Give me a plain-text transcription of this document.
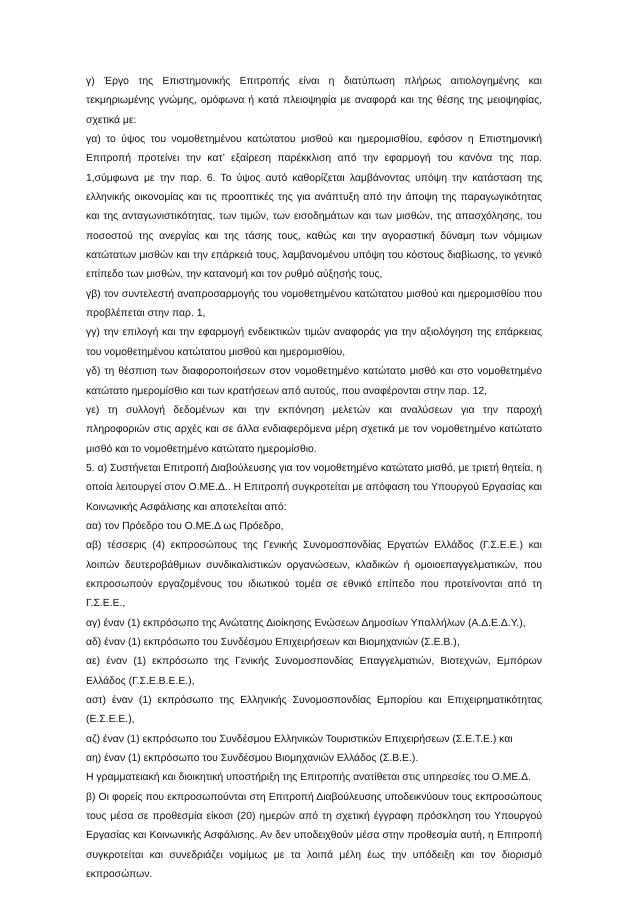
γ) Έργο της Επιστημονικής Επιτροπής είναι η διατύπωση πλήρως αιτιολογημένης και τεκμηριωμένης γνώμης, ομόφωνα ή κατά πλειοψηφία με αναφορά και της θέσης της μειοψηφίας, σχετικά με:

γα) το ύψος του νομοθετημένου κατώτατου μισθού και ημερομισθίου, εφόσον η Επιστημονική Επιτροπή προτείνει την κατ’ εξαίρεση παρέκκλιση από την εφαρμογή του κανόνα της παρ. 1,σύμφωνα με την παρ. 6. Το ύψος αυτό καθορίζεται λαμβάνοντας υπόψη την κατάσταση της ελληνικής οικονομίας και τις προοπτικές της για ανάπτυξη από την άποψη της παραγωγικότητας και της ανταγωνιστικότητας, των τιμών, των εισοδημάτων και των μισθών, της απασχόλησης, του ποσοστού της ανεργίας και της τάσης τους, καθώς και την αγοραστική δύναμη των νόμιμων κατώτατων μισθών και την επάρκειά τους, λαμβανομένου υπόψη του κόστους διαβίωσης, το γενικό επίπεδο των μισθών, την κατανομή και τον ρυθμό αύξησής τους,

γβ) τον συντελεστή αναπροσαρμογής του νομοθετημένου κατώτατου μισθού και ημερομισθίου που προβλέπεται στην παρ. 1,

γγ) την επιλογή και την εφαρμογή ενδεικτικών τιμών αναφοράς για την αξιολόγηση της επάρκειας του νομοθετημένου κατώτατου μισθού και ημερομισθίου,

γδ) τη θέσπιση των διαφοροποιήσεων στον νομοθετημένο κατώτατο μισθό και στο νομοθετημένο κατώτατο ημερομίσθιο και των κρατήσεων από αυτούς, που αναφέρονται στην παρ. 12,

γε) τη συλλογή δεδομένων και την εκπόνηση μελετών και αναλύσεων για την παροχή πληροφοριών στις αρχές και σε άλλα ενδιαφερόμενα μέρη σχετικά με τον νομοθετημένο κατώτατο μισθό και το νομοθετημένο κατώτατο ημερομίσθιο.

5. α) Συστήνεται Επιτροπή Διαβούλευσης για τον νομοθετημένο κατώτατο μισθό, με τριετή θητεία, η οποία λειτουργεί στον Ο.ΜΕ.Δ.. Η Επιτροπή συγκροτείται με απόφαση του Υπουργού Εργασίας και Κοινωνικής Ασφάλισης και αποτελείται από:

αα) τον Πρόεδρο του Ο.ΜΕ.Δ ως Πρόεδρο,

αβ) τέσσερις (4) εκπροσώπους της Γενικής Συνομοσπονδίας Εργατών Ελλάδος (Γ.Σ.Ε.Ε.) και λοιπών δευτεροβάθμιων συνδικαλιστικών οργανώσεων, κλαδικών ή ομοιοεπαγγελματικών, που εκπροσωπούν εργαζομένους του ιδιωτικού τομέα σε εθνικό επίπεδο που προτείνονται από τη Γ.Σ.Ε.Ε.,

αγ) έναν (1) εκπρόσωπο της Ανώτατης Διοίκησης Ενώσεων Δημοσίων Υπαλλήλων (Α.Δ.Ε.Δ.Υ.),

αδ) έναν (1) εκπρόσωπο του Συνδέσμου Επιχειρήσεων και Βιομηχανιών (Σ.Ε.Β.),

αε) έναν (1) εκπρόσωπο της Γενικής Συνομοσπονδίας Επαγγελματιών, Βιοτεχνών, Εμπόρων Ελλάδος (Γ.Σ.Ε.Β.Ε.Ε.),

αστ) έναν (1) εκπρόσωπο της Ελληνικής Συνομοσπονδίας Εμπορίου και Επιχειρηματικότητας (Ε.Σ.Ε.Ε.),

αζ) έναν (1) εκπρόσωπο του Συνδέσμου Ελληνικών Τουριστικών Επιχειρήσεων (Σ.Ε.Τ.Ε.) και

αη) έναν (1) εκπρόσωπο του Συνδέσμου Βιομηχανιών Ελλάδος (Σ.Β.Ε.).

Η γραμματειακή και διοικητική υποστήριξη της Επιτροπής ανατίθεται στις υπηρεσίες του Ο.ΜΕ.Δ.

β) Οι φορείς που εκπροσωπούνται στη Επιτροπή Διαβούλευσης υποδεικνύουν τους εκπροσώπους τους μέσα σε προθεσμία είκοσι (20) ημερών από τη σχετική έγγραφη πρόσκληση του Υπουργού Εργασίας και Κοινωνικής Ασφάλισης. Αν δεν υποδειχθούν μέσα στην προθεσμία αυτή, η Επιτροπή συγκροτείται και συνεδριάζει νομίμως με τα λοιπά μέλη έως την υπόδειξη και τον διορισμό εκπροσώπων.
